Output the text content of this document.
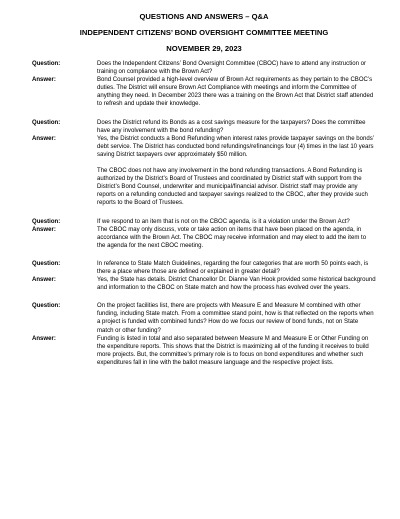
QUESTIONS AND ANSWERS – Q&A
INDEPENDENT CITIZENS’ BOND OVERSIGHT COMMITTEE MEETING
NOVEMBER 29, 2023
Question:	Does the Independent Citizens’ Bond Oversight Committee (CBOC) have to attend any instruction or training on compliance with the Brown Act?
Answer:	Bond Counsel provided a high-level overview of Brown Act requirements as they pertain to the CBOC’s duties. The District will ensure Brown Act Compliance with meetings and inform the Committee of anything they need. In December 2023 there was a training on the Brown Act that District staff attended to refresh and update their knowledge.
Question:	Does the District refund its Bonds as a cost savings measure for the taxpayers? Does the committee have any involvement with the bond refunding?
Answer:	Yes, the District conducts a Bond Refunding when interest rates provide taxpayer savings on the bonds’ debt service. The District has conducted bond refundings/refinancings four (4) times in the last 10 years saving District taxpayers over approximately $50 million.
The CBOC does not have any involvement in the bond refunding transactions. A Bond Refunding is authorized by the District’s Board of Trustees and coordinated by District staff with support from the District’s Bond Counsel, underwriter and municipal/financial advisor. District staff may provide any reports on a refunding conducted and taxpayer savings realized to the CBOC, after they provide such reports to the Board of Trustees.
Question:	If we respond to an item that is not on the CBOC agenda, is it a violation under the Brown Act?
Answer:	The CBOC may only discuss, vote or take action on items that have been placed on the agenda, in accordance with the Brown Act. The CBOC may receive information and may elect to add the item to the agenda for the next CBOC meeting.
Question:	In reference to State Match Guidelines, regarding the four categories that are worth 50 points each, is there a place where those are defined or explained in greater detail?
Answer:	Yes, the State has details. District Chancellor Dr. Dianne Van Hook provided some historical background and information to the CBOC on State match and how the process has evolved over the years.
Question:	On the project facilities list, there are projects with Measure E and Measure M combined with other funding, including State match. From a committee stand point, how is that reflected on the reports when a project is funded with combined funds? How do we focus our review of bond funds, not on State match or other funding?
Answer:	Funding is listed in total and also separated between Measure M and Measure E or Other Funding on the expenditure reports. This shows that the District is maximizing all of the funding it receives to build more projects. But, the committee’s primary role is to focus on bond expenditures and whether such expenditures fall in line with the ballot measure language and the respective project lists.
